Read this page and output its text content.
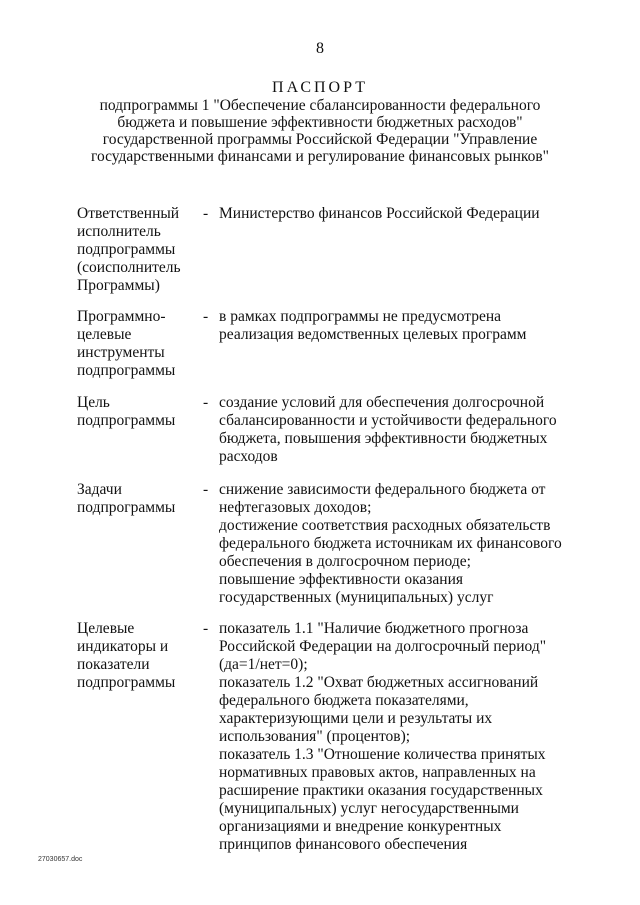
8
ПАСПОРТ
подпрограммы 1 "Обеспечение сбалансированности федерального
бюджета и повышение эффективности бюджетных расходов"
государственной программы Российской Федерации "Управление
государственными финансами и регулирование финансовых рынков"
Ответственный
исполнитель
подпрограммы
(соисполнитель
Программы)
- Министерство финансов Российской Федерации
Программно-
целевые
инструменты
подпрограммы
- в рамках подпрограммы не предусмотрена
реализация ведомственных целевых программ
Цель
подпрограммы
- создание условий для обеспечения долгосрочной
сбалансированности и устойчивости федерального
бюджета, повышения эффективности бюджетных
расходов
Задачи
подпрограммы
- снижение зависимости федерального бюджета от
нефтегазовых доходов;
достижение соответствия расходных обязательств
федерального бюджета источникам их финансового
обеспечения в долгосрочном периоде;
повышение эффективности оказания
государственных (муниципальных) услуг
Целевые
индикаторы и
показатели
подпрограммы
- показатель 1.1 "Наличие бюджетного прогноза
Российской Федерации на долгосрочный период"
(да=1/нет=0);
показатель 1.2 "Охват бюджетных ассигнований
федерального бюджета показателями,
характеризующими цели и результаты их
использования" (процентов);
показатель 1.3 "Отношение количества принятых
нормативных правовых актов, направленных на
расширение практики оказания государственных
(муниципальных) услуг негосударственными
организациями и внедрение конкурентных
принципов финансового обеспечения
27030657.doc
